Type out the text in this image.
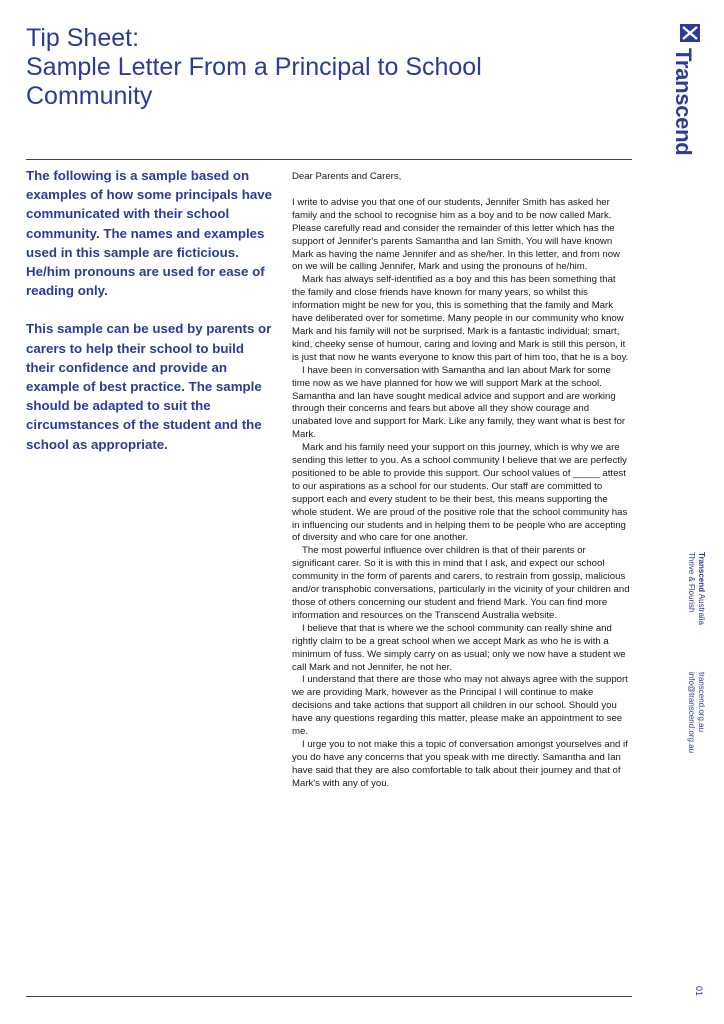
Tip Sheet:
Sample Letter From a Principal to School
Community

The following is a sample based on examples of how some principals have communicated with their school community. The names and examples used in this sample are ficticious. He/him pronouns are used for ease of reading only.

This sample can be used by parents or carers to help their school to build their confidence and provide an example of best practice. The sample should be adapted to suit the circumstances of the student and the school as appropriate.

Dear Parents and Carers,

I write to advise you that one of our students, Jennifer Smith has asked her family and the school to recognise him as a boy and to be now called Mark. Please carefully read and consider the remainder of this letter which has the support of Jennifer's parents Samantha and Ian Smith. You will have known Mark as having the name Jennifer and as she/her. In this letter, and from now on we will be calling Jennifer, Mark and using the pronouns of he/him.

Mark has always self-identified as a boy and this has been something that the family and close friends have known for many years, so whilst this information might be new for you, this is something that the family and Mark have deliberated over for sometime. Many people in our community who know Mark and his family will not be surprised. Mark is a fantastic individual; smart, kind, cheeky sense of humour, caring and loving and Mark is still this person, it is just that now he wants everyone to know this part of him too, that he is a boy.

I have been in conversation with Samantha and Ian about Mark for some time now as we have planned for how we will support Mark at the school. Samantha and Ian have sought medical advice and support and are working through their concerns and fears but above all they show courage and unabated love and support for Mark. Like any family, they want what is best for Mark.

Mark and his family need your support on this journey, which is why we are sending this letter to you. As a school community I believe that we are perfectly positioned to be able to provide this support. Our school values of _____ attest to our aspirations as a school for our students. Our staff are committed to support each and every student to be their best, this means supporting the whole student. We are proud of the positive role that the school community has in influencing our students and in helping them to be people who are accepting of diversity and who care for one another.

The most powerful influence over children is that of their parents or significant carer. So it is with this in mind that I ask, and expect our school community in the form of parents and carers, to restrain from gossip, malicious and/or transphobic conversations, particularly in the vicinity of your children and those of others concerning our student and friend Mark. You can find more information and resources on the Transcend Australia website.

I believe that that is where we the school community can really shine and rightly claim to be a great school when we accept Mark as who he is with a minimum of fuss. We simply carry on as usual; only we now have a student we call Mark and not Jennifer, he not her.

I understand that there are those who may not always agree with the support we are providing Mark, however as the Principal I will continue to make decisions and take actions that support all children in our school. Should you have any questions regarding this matter, please make an appointment to see me.

I urge you to not make this a topic of conversation amongst yourselves and if you do have any concerns that you speak with me directly. Samantha and Ian have said that they are also comfortable to talk about their journey and that of Mark's with any of you.

Transcend
Transcend Australia
Thrive & Flourish
transcend.org.au
info@transcend.org.au
01
